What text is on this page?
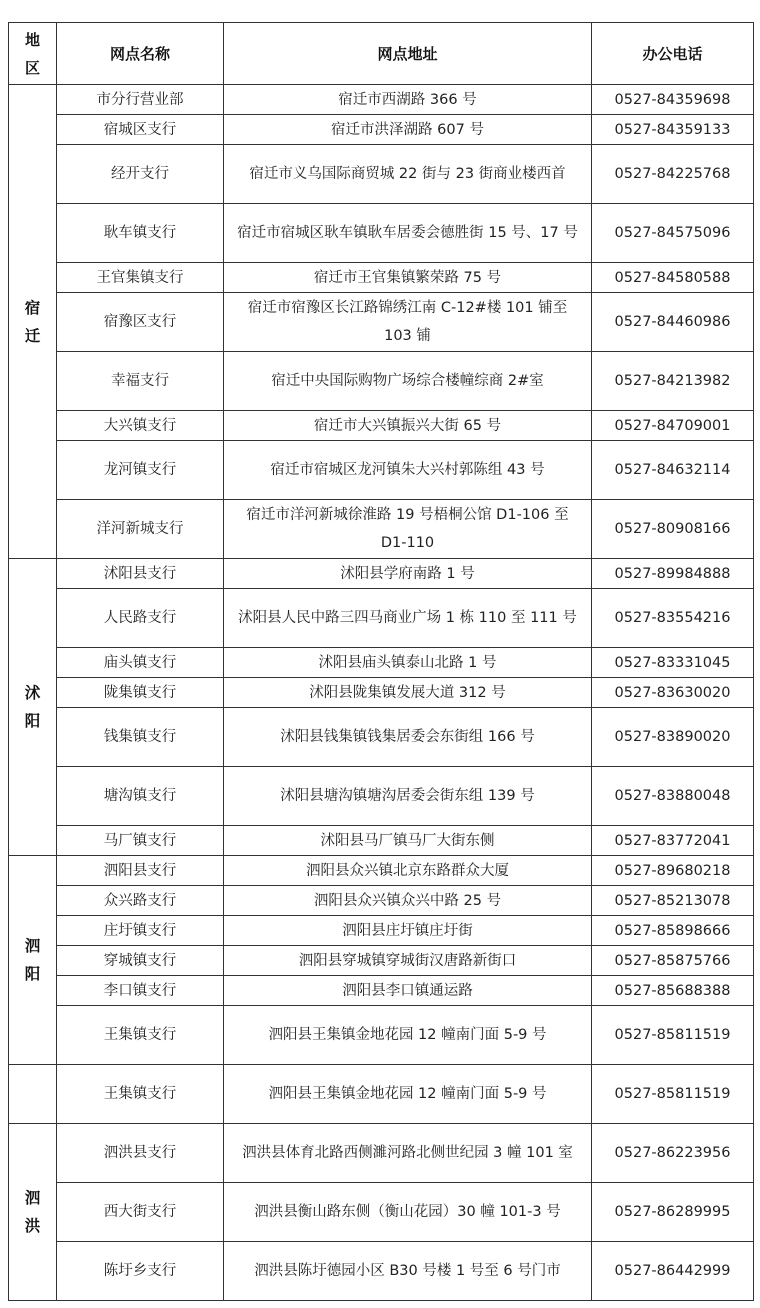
地区	网点名称	网点地址	办公电话
宿迁	市分行营业部	宿迁市西湖路 366 号	0527-84359698
	宿城区支行	宿迁市洪泽湖路 607 号	0527-84359133
	经开支行	宿迁市义乌国际商贸城 22 街与 23 街商业楼西首	0527-84225768
	耿车镇支行	宿迁市宿城区耿车镇耿车居委会德胜街 15 号、17 号	0527-84575096
	王官集镇支行	宿迁市王官集镇繁荣路 75 号	0527-84580588
	宿豫区支行	宿迁市宿豫区长江路锦绣江南 C-12#楼 101 铺至 103 铺	0527-84460986
	幸福支行	宿迁中央国际购物广场综合楼幢综商 2#室	0527-84213982
	大兴镇支行	宿迁市大兴镇振兴大街 65 号	0527-84709001
	龙河镇支行	宿迁市宿城区龙河镇朱大兴村郭陈组 43 号	0527-84632114
	洋河新城支行	宿迁市洋河新城徐淮路 19 号梧桐公馆 D1-106 至 D1-110	0527-80908166
沭阳	沭阳县支行	沭阳县学府南路 1 号	0527-89984888
	人民路支行	沭阳县人民中路三四马商业广场 1 栋 110 至 111 号	0527-83554216
	庙头镇支行	沭阳县庙头镇泰山北路 1 号	0527-83331045
	陇集镇支行	沭阳县陇集镇发展大道 312 号	0527-83630020
	钱集镇支行	沭阳县钱集镇钱集居委会东街组 166 号	0527-83890020
	塘沟镇支行	沭阳县塘沟镇塘沟居委会街东组 139 号	0527-83880048
	马厂镇支行	沭阳县马厂镇马厂大街东侧	0527-83772041
泗阳	泗阳县支行	泗阳县众兴镇北京东路群众大厦	0527-89680218
	众兴路支行	泗阳县众兴镇众兴中路 25 号	0527-85213078
	庄圩镇支行	泗阳县庄圩镇庄圩街	0527-85898666
	穿城镇支行	泗阳县穿城镇穿城街汉唐路新街口	0527-85875766
	李口镇支行	泗阳县李口镇通运路	0527-85688388
	王集镇支行	泗阳县王集镇金地花园 12 幢南门面 5-9 号	0527-85811519
	王集镇支行	泗阳县王集镇金地花园 12 幢南门面 5-9 号	0527-85811519
泗洪	泗洪县支行	泗洪县体育北路西侧濉河路北侧世纪园 3 幢 101 室	0527-86223956
	西大街支行	泗洪县衡山路东侧（衡山花园）30 幢 101-3 号	0527-86289995
	陈圩乡支行	泗洪县陈圩德园小区 B30 号楼 1 号至 6 号门市	0527-86442999
